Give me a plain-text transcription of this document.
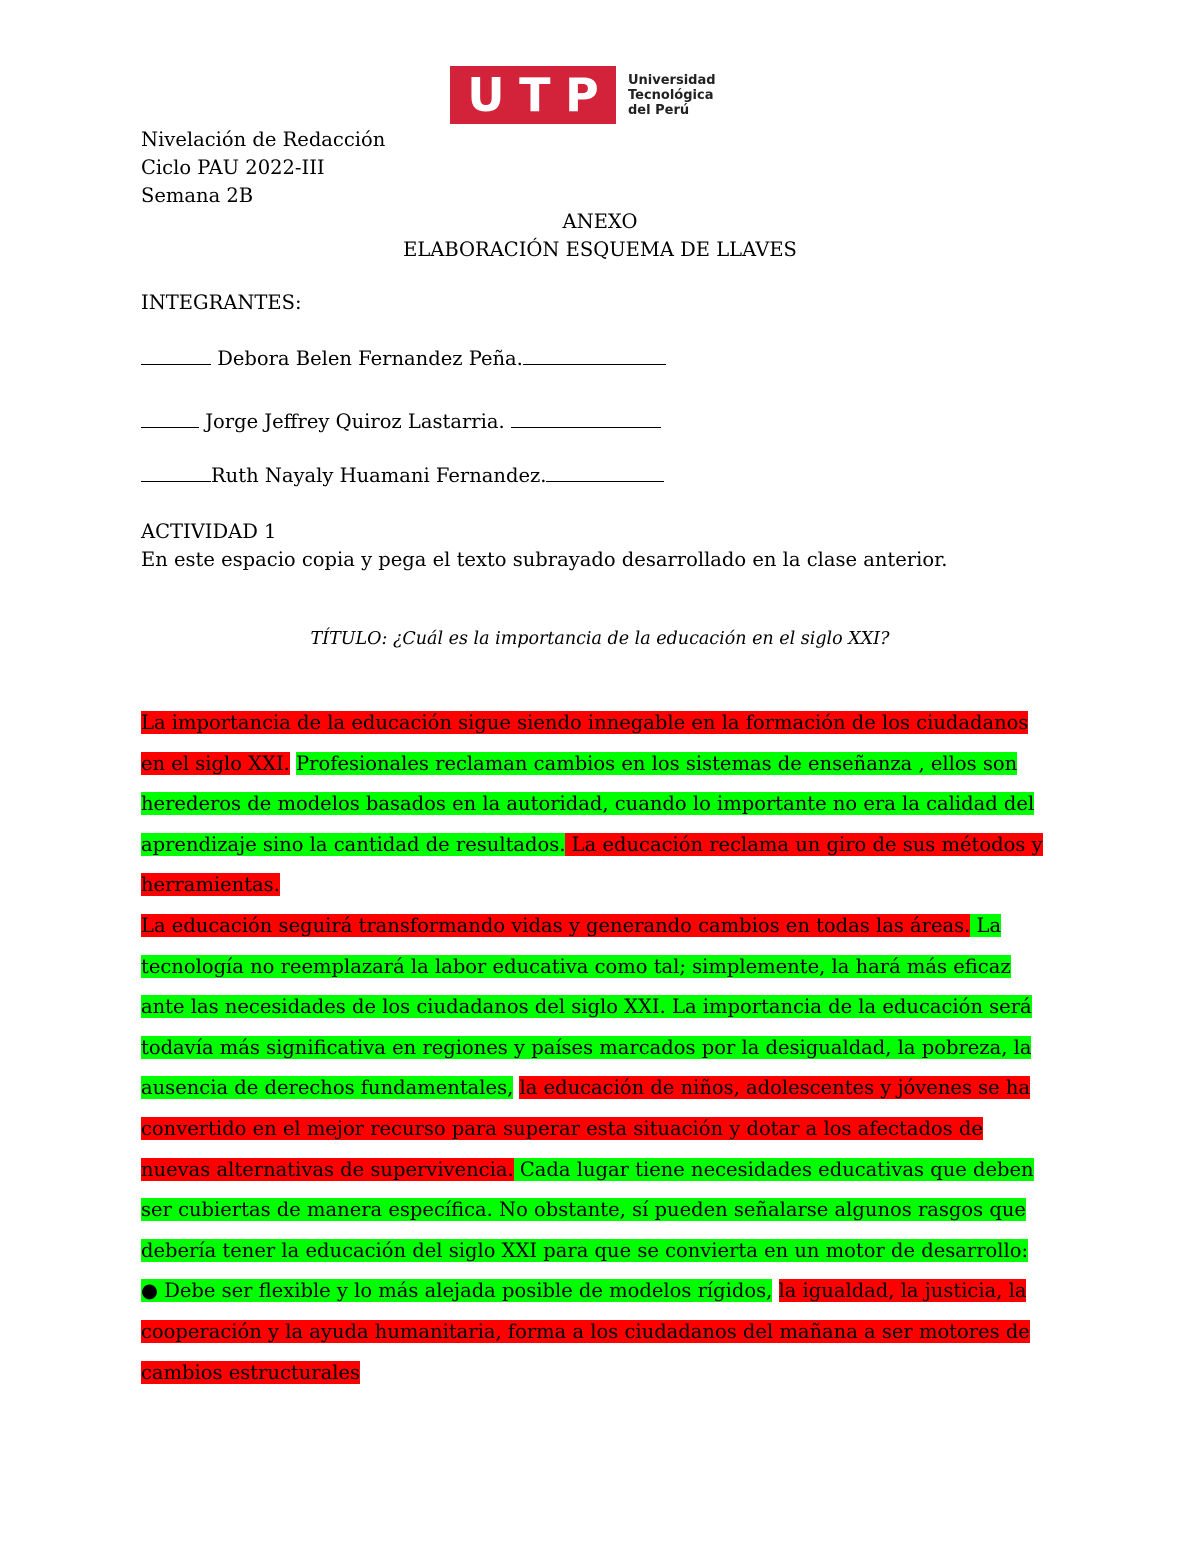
U T P Universidad
Tecnológica
del Perú
Nivelación de Redacción
Ciclo PAU 2022-III
Semana 2B
ANEXO
ELABORACIÓN ESQUEMA DE LLAVES
INTEGRANTES:
Debora Belen Fernandez Peña.
Jorge Jeffrey Quiroz Lastarria.
Ruth Nayaly Huamani Fernandez.
ACTIVIDAD 1
En este espacio copia y pega el texto subrayado desarrollado en la clase anterior.
TÍTULO: ¿Cuál es la importancia de la educación en el siglo XXI?
La importancia de la educación sigue siendo innegable en la formación de los ciudadanos
en el siglo XXI. Profesionales reclaman cambios en los sistemas de enseñanza , ellos son
herederos de modelos basados en la autoridad, cuando lo importante no era la calidad del
aprendizaje sino la cantidad de resultados. La educación reclama un giro de sus métodos y
herramientas.
La educación seguirá transformando vidas y generando cambios en todas las áreas. La
tecnología no reemplazará la labor educativa como tal; simplemente, la hará más eficaz
ante las necesidades de los ciudadanos del siglo XXI. La importancia de la educación será
todavía más significativa en regiones y países marcados por la desigualdad, la pobreza, la
ausencia de derechos fundamentales, la educación de niños, adolescentes y jóvenes se ha
convertido en el mejor recurso para superar esta situación y dotar a los afectados de
nuevas alternativas de supervivencia. Cada lugar tiene necesidades educativas que deben
ser cubiertas de manera específica. No obstante, sí pueden señalarse algunos rasgos que
debería tener la educación del siglo XXI para que se convierta en un motor de desarrollo:
● Debe ser flexible y lo más alejada posible de modelos rígidos, la igualdad, la justicia, la
cooperación y la ayuda humanitaria, forma a los ciudadanos del mañana a ser motores de
cambios estructurales
